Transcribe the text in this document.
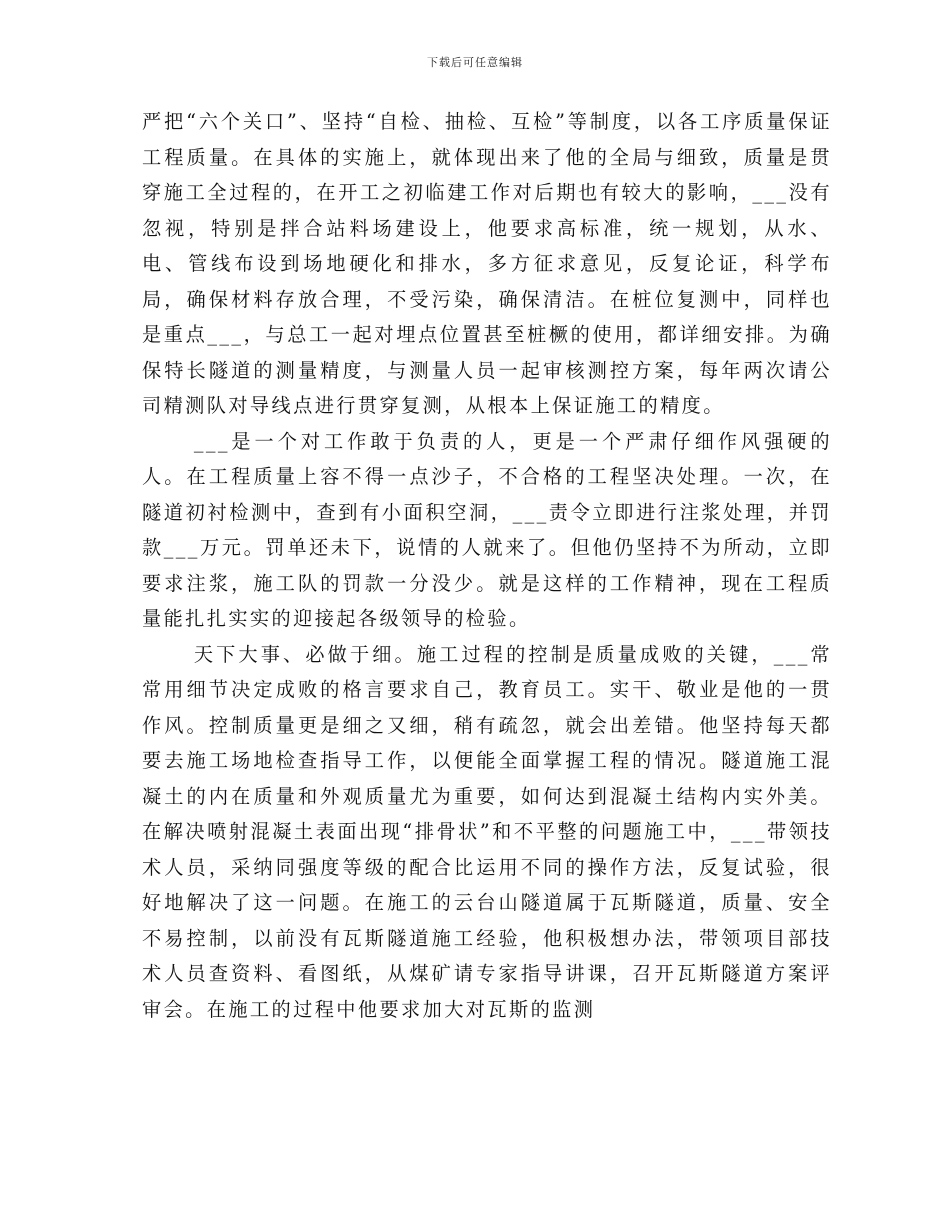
下载后可任意编辑

严把“六个关口”、坚持“自检、抽检、互检”等制度，以各工序质量保证工程质量。在具体的实施上，就体现出来了他的全局与细致，质量是贯穿施工全过程的，在开工之初临建工作对后期也有较大的影响，___没有忽视，特别是拌合站料场建设上，他要求高标准，统一规划，从水、电、管线布设到场地硬化和排水，多方征求意见，反复论证，科学布局，确保材料存放合理，不受污染，确保清洁。在桩位复测中，同样也是重点___，与总工一起对埋点位置甚至桩橛的使用，都详细安排。为确保特长隧道的测量精度，与测量人员一起审核测控方案，每年两次请公司精测队对导线点进行贯穿复测，从根本上保证施工的精度。

___是一个对工作敢于负责的人，更是一个严肃仔细作风强硬的人。在工程质量上容不得一点沙子，不合格的工程坚决处理。一次，在隧道初衬检测中，查到有小面积空洞，___责令立即进行注浆处理，并罚款___万元。罚单还未下，说情的人就来了。但他仍坚持不为所动，立即要求注浆，施工队的罚款一分没少。就是这样的工作精神，现在工程质量能扎扎实实的迎接起各级领导的检验。

天下大事、必做于细。施工过程的控制是质量成败的关键，___常常用细节决定成败的格言要求自己，教育员工。实干、敬业是他的一贯作风。控制质量更是细之又细，稍有疏忽，就会出差错。他坚持每天都要去施工场地检查指导工作，以便能全面掌握工程的情况。隧道施工混凝土的内在质量和外观质量尤为重要，如何达到混凝土结构内实外美。在解决喷射混凝土表面出现“排骨状”和不平整的问题施工中，___带领技术人员，采纳同强度等级的配合比运用不同的操作方法，反复试验，很好地解决了这一问题。在施工的云台山隧道属于瓦斯隧道，质量、安全不易控制，以前没有瓦斯隧道施工经验，他积极想办法，带领项目部技术人员查资料、看图纸，从煤矿请专家指导讲课，召开瓦斯隧道方案评审会。在施工的过程中他要求加大对瓦斯的监测
